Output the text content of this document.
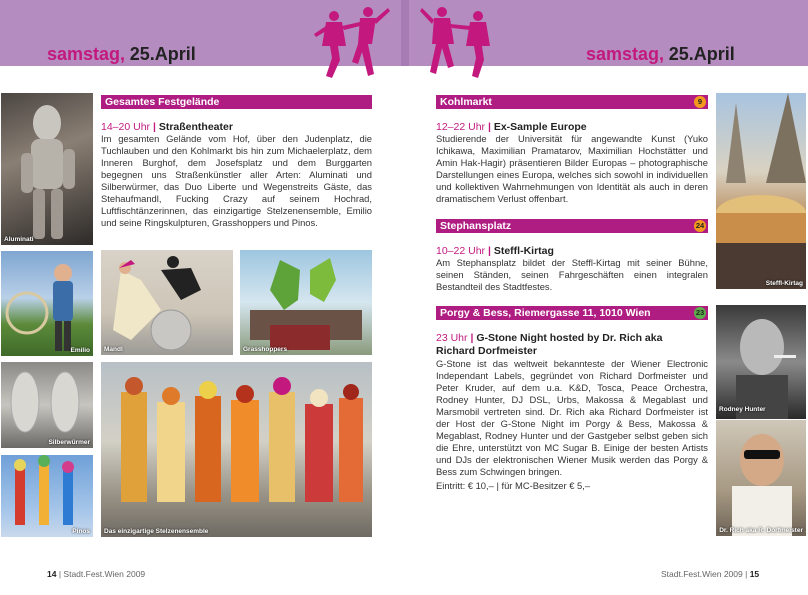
samstag, 25.April	samstag, 25.April
Aluminati
Gesamtes Festgelände
14–20 Uhr | Straßentheater
Im gesamten Gelände vom Hof, über den Judenplatz, die Tuchlauben und den Kohlmarkt bis hin zum Michaelerplatz, dem Inneren Burghof, dem Josefsplatz und dem Burggarten begegnen uns Straßenkünstler aller Arten: Aluminati und Silberwürmer, das Duo Liberte und Wegenstreits Gäste, das Stehaufmandl, Fucking Crazy auf seinem Hochrad, Luftfischtänzerinnen, das einzigartige Stelzenensemble, Emilio und seine Ringskulpturen, Grasshoppers und Pinos.
Emilio Mandl	Grasshoppers
Silberwürmer
Pinos Das einzigartige Stelzenensemble
Kohlmarkt	9
12–22 Uhr | Ex-Sample Europe
Studierende der Universität für angewandte Kunst (Yuko Ichikawa, Maximilian Pramatarov, Maximilian Hochstätter und Amin Hak-Hagir) präsentieren Bilder Europas – photographische Darstellungen eines Europa, welches sich sowohl in individuellen und kollektiven Wahrnehmungen von Identität als auch in deren dramatischem Verlust offenbart.
Stephansplatz	24
10–22 Uhr | Steffl-Kirtag
Am Stephansplatz bildet der Steffl-Kirtag mit seiner Bühne, seinen Ständen, seinen Fahrgeschäften einen integralen Bestandteil des Stadtfestes.
Porgy & Bess, Riemergasse 11, 1010 Wien	23
23 Uhr | G-Stone Night hosted by Dr. Rich aka
Richard Dorfmeister
G-Stone ist das weltweit bekannteste der Wiener Electronic Independant Labels, gegründet von Richard Dorfmeister und Peter Kruder, auf dem u.a. K&D, Tosca, Peace Orchestra, Rodney Hunter, DJ DSL, Urbs, Makossa & Megablast und Marsmobil vertreten sind. Dr. Rich aka Richard Dorfmeister ist der Host der G-Stone Night im Porgy & Bess, Makossa & Megablast, Rodney Hunter und der Gastgeber selbst geben sich die Ehre, unterstützt von MC Sugar B. Einige der besten Artists und DJs der elektronischen Wiener Musik werden das Porgy & Bess zum Schwingen bringen.
Eintritt: € 10,– | für MC-Besitzer € 5,–
Steffl-Kirtag
Rodney Hunter
Dr. Rich aka R. Dorfmeister
14 | Stadt.Fest.Wien 2009	Stadt.Fest.Wien 2009 | 15
